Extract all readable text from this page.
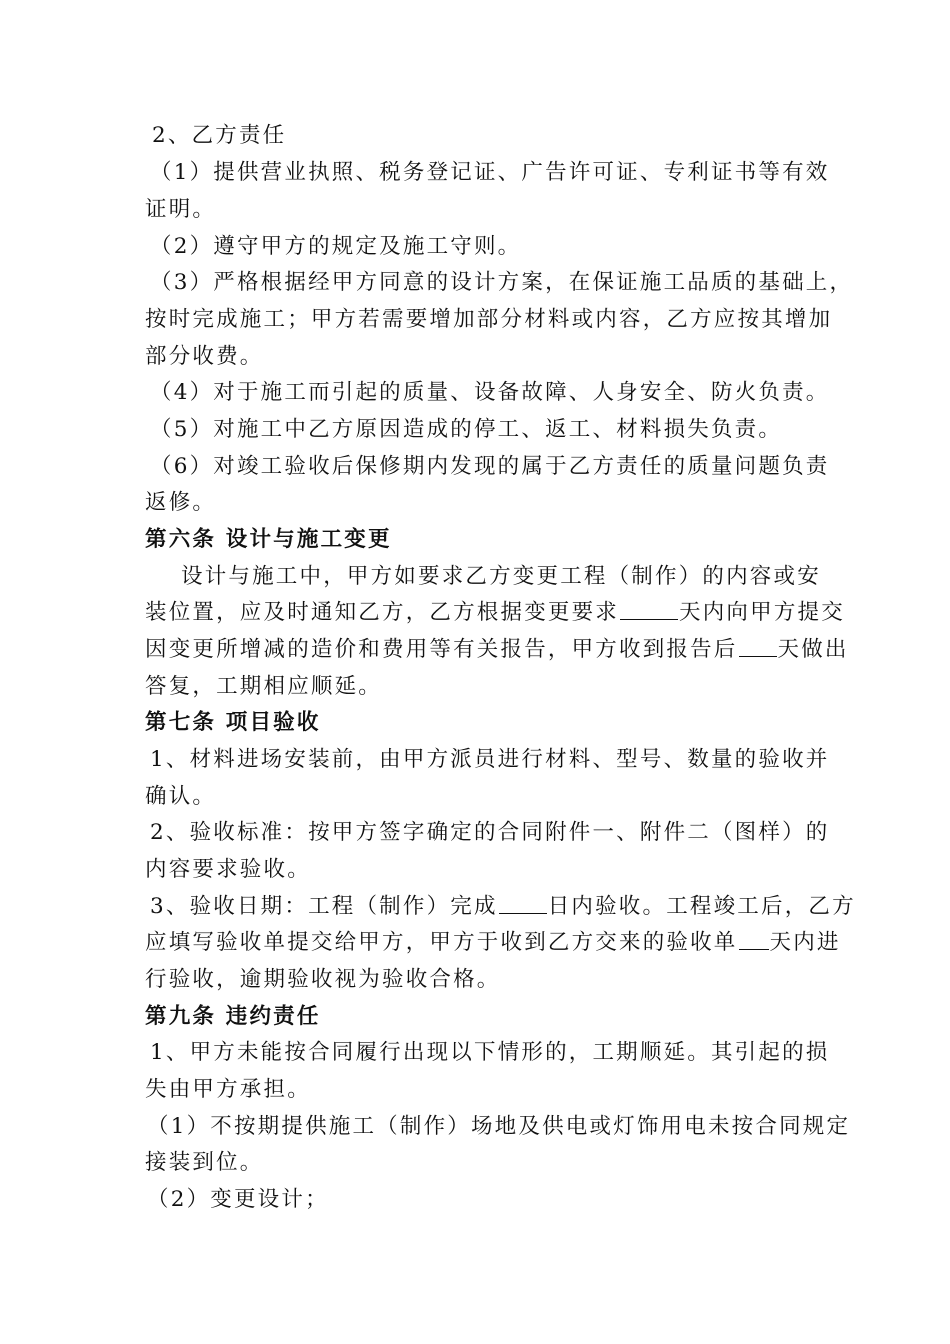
2、乙方责任
（1）提供营业执照、税务登记证、广告许可证、专利证书等有效
证明。
（2）遵守甲方的规定及施工守则。
（3）严格根据经甲方同意的设计方案，在保证施工品质的基础上，
按时完成施工；甲方若需要增加部分材料或内容，乙方应按其增加
部分收费。
（4）对于施工而引起的质量、设备故障、人身安全、防火负责。
（5）对施工中乙方原因造成的停工、返工、材料损失负责。
（6）对竣工验收后保修期内发现的属于乙方责任的质量问题负责
返修。
第六条 设计与施工变更
设计与施工中，甲方如要求乙方变更工程（制作）的内容或安
装位置，应及时通知乙方，乙方根据变更要求	天内向甲方提交
因变更所增减的造价和费用等有关报告，甲方收到报告后 天做出
答复，工期相应顺延。
第七条 项目验收
1、材料进场安装前，由甲方派员进行材料、型号、数量的验收并
确认。
2、验收标准：按甲方签字确定的合同附件一、附件二（图样）的
内容要求验收。
3、验收日期：工程（制作）完成 日内验收。工程竣工后，乙方
应填写验收单提交给甲方，甲方于收到乙方交来的验收单 天内进
行验收，逾期验收视为验收合格。
第九条 违约责任
1、甲方未能按合同履行出现以下情形的，工期顺延。其引起的损
失由甲方承担。
（1）不按期提供施工（制作）场地及供电或灯饰用电未按合同规定
接装到位。
（2）变更设计；
